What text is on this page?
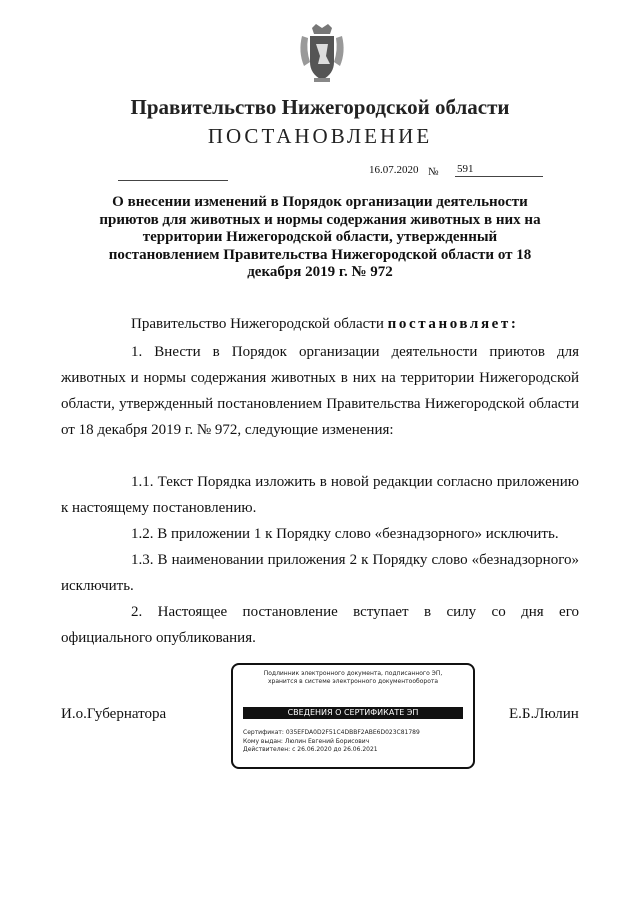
Правительство Нижегородской области
ПОСТАНОВЛЕНИЕ
16.07.2020 № 591
О внесении изменений в Порядок организации деятельности приютов для животных и нормы содержания животных в них на территории Нижегородской области, утвержденный постановлением Правительства Нижегородской области от 18 декабря 2019 г. № 972
Правительство Нижегородской области постановляет:
1. Внести в Порядок организации деятельности приютов для животных и нормы содержания животных в них на территории Нижегородской области, утвержденный постановлением Правительства Нижегородской области от 18 декабря 2019 г. № 972, следующие изменения:
1.1. Текст Порядка изложить в новой редакции согласно приложению к настоящему постановлению.
1.2. В приложении 1 к Порядку слово «безнадзорного» исключить.
1.3. В наименовании приложения 2 к Порядку слово «безнадзорного» исключить.
2. Настоящее постановление вступает в силу со дня его официального опубликования.
И.о.Губернатора	Е.Б.Люлин
Подлинник электронного документа, подписанного ЭП,
хранится в системе электронного документооборота
СВЕДЕНИЯ О СЕРТИФИКАТЕ ЭП
Сертификат: 035EFDA0D2F51C4DBBF2ABE6D023C81789
Кому выдан: Люлин Евгений Борисович
Действителен: с 26.06.2020 до 26.06.2021
